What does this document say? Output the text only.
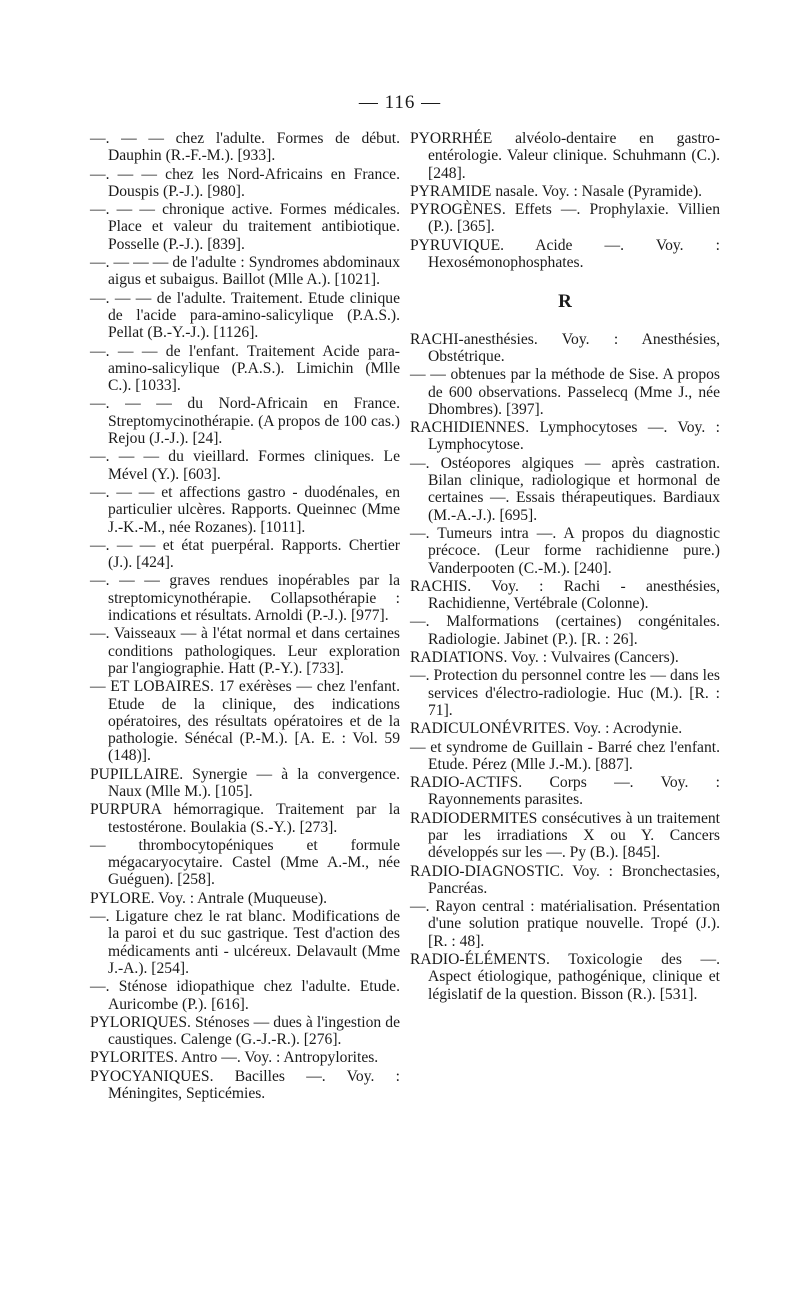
— 116 —

—. — — chez l'adulte. Formes de début. Dauphin (R.-F.-M.). [933].

—. — — chez les Nord-Africains en France. Douspis (P.-J.). [980].

—. — — chronique active. Formes médicales. Place et valeur du traitement antibiotique. Posselle (P.-J.). [839].

—. — — — de l'adulte : Syndromes abdominaux aigus et subaigus. Baillot (Mlle A.). [1021].

—. — — de l'adulte. Traitement. Etude clinique de l'acide para-amino-salicylique (P.A.S.). Pellat (B.-Y.-J.). [1126].

—. — — de l'enfant. Traitement Acide para-amino-salicylique (P.A.S.). Limichin (Mlle C.). [1033].

—. — — du Nord-Africain en France. Streptomycinothérapie. (A propos de 100 cas.) Rejou (J.-J.). [24].

—. — — du vieillard. Formes cliniques. Le Mével (Y.). [603].

—. — — et affections gastro - duodénales, en particulier ulcères. Rapports. Queinnec (Mme J.-K.-M., née Rozanes). [1011].

—. — — et état puerpéral. Rapports. Chertier (J.). [424].

—. — — graves rendues inopérables par la streptomicynothérapie. Collapsothérapie : indications et résultats. Arnoldi (P.-J.). [977].

—. Vaisseaux — à l'état normal et dans certaines conditions pathologiques. Leur exploration par l'angiographie. Hatt (P.-Y.). [733].

— ET LOBAIRES. 17 exérèses — chez l'enfant. Etude de la clinique, des indications opératoires, des résultats opératoires et de la pathologie. Sénécal (P.-M.). [A. E. : Vol. 59 (148)].

PUPILLAIRE. Synergie — à la convergence. Naux (Mlle M.). [105].

PURPURA hémorragique. Traitement par la testostérone. Boulakia (S.-Y.). [273].

— thrombocytopéniques et formule mégacaryocytaire. Castel (Mme A.-M., née Guéguen). [258].

PYLORE. Voy. : Antrale (Muqueuse).

—. Ligature chez le rat blanc. Modifications de la paroi et du suc gastrique. Test d'action des médicaments anti - ulcéreux. Delavault (Mme J.-A.). [254].

—. Sténose idiopathique chez l'adulte. Etude. Auricombe (P.). [616].

PYLORIQUES. Sténoses — dues à l'ingestion de caustiques. Calenge (G.-J.-R.). [276].

PYLORITES. Antro —. Voy. : Antropylorites.

PYOCYANIQUES. Bacilles —. Voy. : Méningites, Septicémies.

PYORRHÉE alvéolo-dentaire en gastro-entérologie. Valeur clinique. Schuhmann (C.). [248].

PYRAMIDE nasale. Voy. : Nasale (Pyramide).

PYROGÈNES. Effets —. Prophylaxie. Villien (P.). [365].

PYRUVIQUE. Acide —. Voy. : Hexosémonophosphates.

R

RACHI-anesthésies. Voy. : Anesthésies, Obstétrique.

— — obtenues par la méthode de Sise. A propos de 600 observations. Passelecq (Mme J., née Dhombres). [397].

RACHIDIENNES. Lymphocytoses —. Voy. : Lymphocytose.

—. Ostéopores algiques — après castration. Bilan clinique, radiologique et hormonal de certaines —. Essais thérapeutiques. Bardiaux (M.-A.-J.). [695].

—. Tumeurs intra —. A propos du diagnostic précoce. (Leur forme rachidienne pure.) Vanderpooten (C.-M.). [240].

RACHIS. Voy. : Rachi - anesthésies, Rachidienne, Vertébrale (Colonne).

—. Malformations (certaines) congénitales. Radiologie. Jabinet (P.). [R. : 26].

RADIATIONS. Voy. : Vulvaires (Cancers).

—. Protection du personnel contre les — dans les services d'électro-radiologie. Huc (M.). [R. : 71].

RADICULONÉVRITES. Voy. : Acrodynie.

— et syndrome de Guillain - Barré chez l'enfant. Etude. Pérez (Mlle J.-M.). [887].

RADIO-ACTIFS. Corps —. Voy. : Rayonnements parasites.

RADIODERMITES consécutives à un traitement par les irradiations X ou Y. Cancers développés sur les —. Py (B.). [845].

RADIO-DIAGNOSTIC. Voy. : Bronchectasies, Pancréas.

—. Rayon central : matérialisation. Présentation d'une solution pratique nouvelle. Tropé (J.). [R. : 48].

RADIO-ÉLÉMENTS. Toxicologie des —. Aspect étiologique, pathogénique, clinique et législatif de la question. Bisson (R.). [531].
